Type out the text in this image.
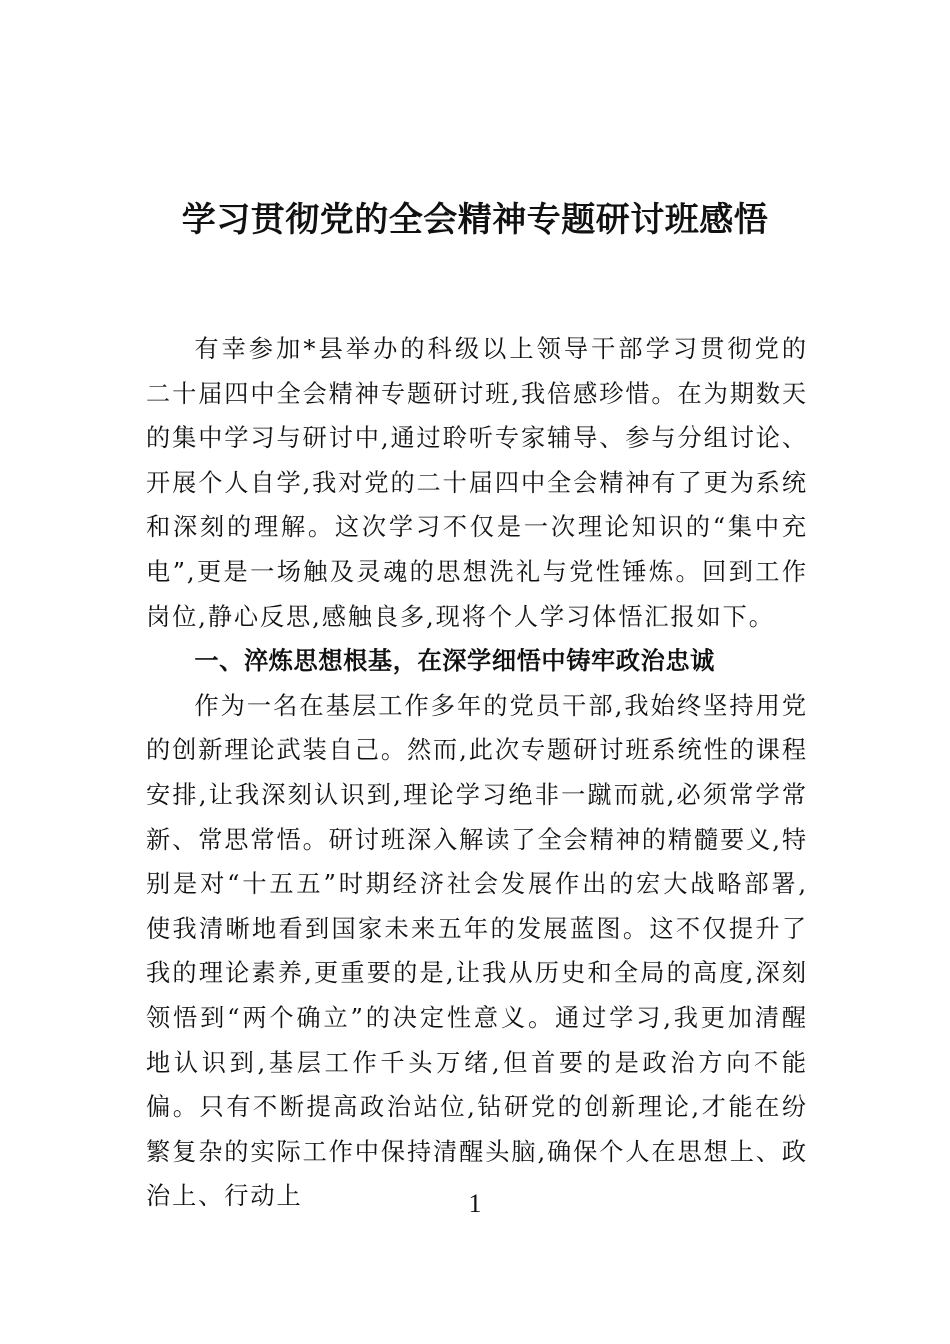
学习贯彻党的全会精神专题研讨班感悟

有幸参加*县举办的科级以上领导干部学习贯彻党的二十届四中全会精神专题研讨班,我倍感珍惜。在为期数天的集中学习与研讨中,通过聆听专家辅导、参与分组讨论、开展个人自学,我对党的二十届四中全会精神有了更为系统和深刻的理解。这次学习不仅是一次理论知识的“集中充电”,更是一场触及灵魂的思想洗礼与党性锤炼。回到工作岗位,静心反思,感触良多,现将个人学习体悟汇报如下。

一、淬炼思想根基，在深学细悟中铸牢政治忠诚

作为一名在基层工作多年的党员干部,我始终坚持用党的创新理论武装自己。然而,此次专题研讨班系统性的课程安排,让我深刻认识到,理论学习绝非一蹴而就,必须常学常新、常思常悟。研讨班深入解读了全会精神的精髓要义,特别是对“十五五”时期经济社会发展作出的宏大战略部署,使我清晰地看到国家未来五年的发展蓝图。这不仅提升了我的理论素养,更重要的是,让我从历史和全局的高度,深刻领悟到“两个确立”的决定性意义。通过学习,我更加清醒地认识到,基层工作千头万绪,但首要的是政治方向不能偏。只有不断提高政治站位,钻研党的创新理论,才能在纷繁复杂的实际工作中保持清醒头脑,确保个人在思想上、政治上、行动上	1
